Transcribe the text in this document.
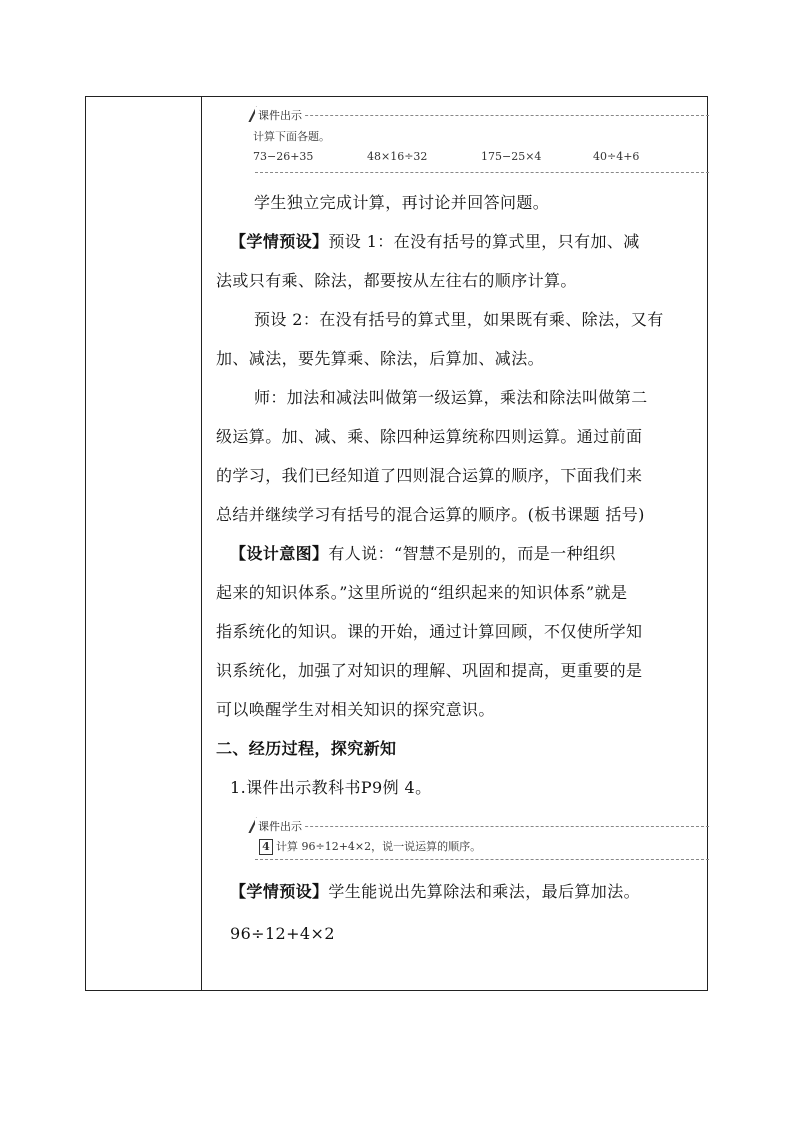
课件出示
计算下面各题。
73−26+35	48×16÷32	175−25×4	40÷4+6
学生独立完成计算，再讨论并回答问题。
【学情预设】预设 1：在没有括号的算式里，只有加、减
法或只有乘、除法，都要按从左往右的顺序计算。
预设 2：在没有括号的算式里，如果既有乘、除法，又有
加、减法，要先算乘、除法，后算加、减法。
师：加法和减法叫做第一级运算，乘法和除法叫做第二
级运算。加、减、乘、除四种运算统称四则运算。通过前面
的学习，我们已经知道了四则混合运算的顺序，下面我们来
总结并继续学习有括号的混合运算的顺序。(板书课题 括号)
【设计意图】有人说：“智慧不是别的，而是一种组织
起来的知识体系。”这里所说的“组织起来的知识体系”就是
指系统化的知识。课的开始，通过计算回顾，不仅使所学知
识系统化，加强了对知识的理解、巩固和提高，更重要的是
可以唤醒学生对相关知识的探究意识。
二、经历过程，探究新知
1.课件出示教科书P9例 4。
课件出示
4 计算 96÷12+4×2，说一说运算的顺序。
【学情预设】学生能说出先算除法和乘法，最后算加法。
96÷12+4×2
